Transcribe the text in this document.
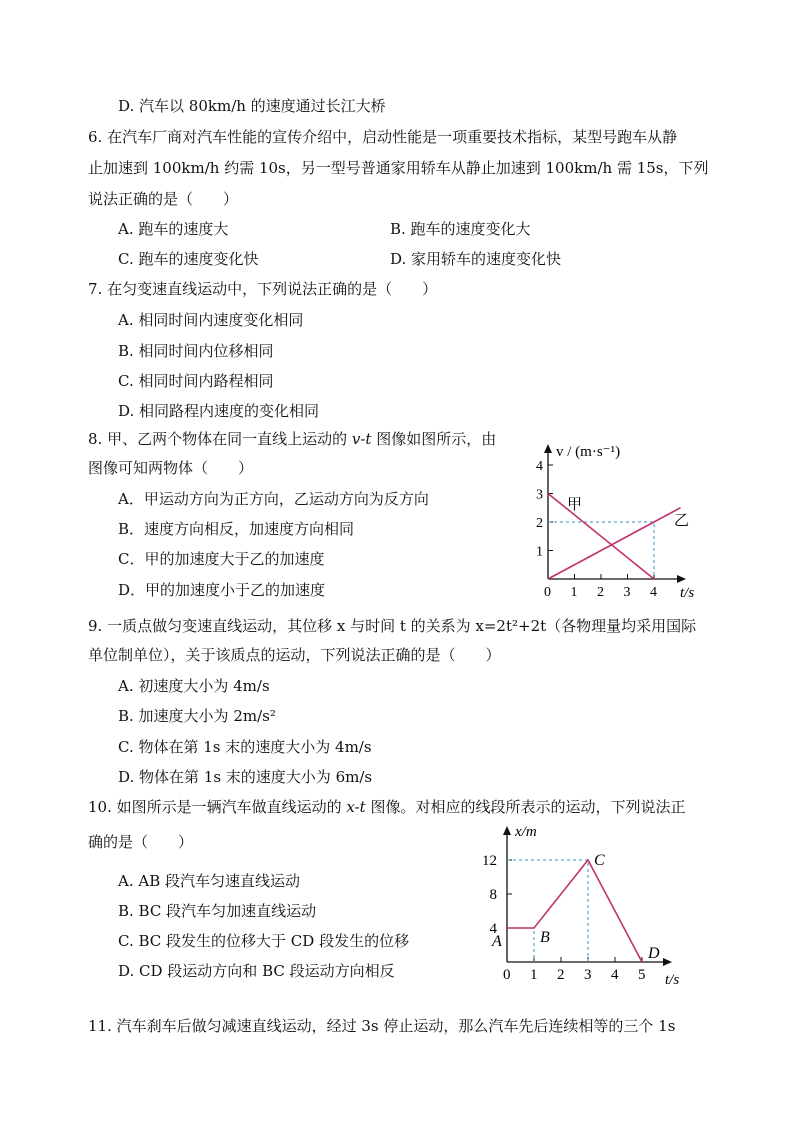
D. 汽车以 80km/h 的速度通过长江大桥
6. 在汽车厂商对汽车性能的宣传介绍中，启动性能是一项重要技术指标，某型号跑车从静
止加速到 100km/h 约需 10s，另一型号普通家用轿车从静止加速到 100km/h 需 15s，下列
说法正确的是（　　）
A. 跑车的速度大	B. 跑车的速度变化大
C. 跑车的速度变化快	D. 家用轿车的速度变化快
7. 在匀变速直线运动中，下列说法正确的是（　　）
A. 相同时间内速度变化相同
B. 相同时间内位移相同
C. 相同时间内路程相同
D. 相同路程内速度的变化相同
8. 甲、乙两个物体在同一直线上运动的 v-t 图像如图所示，由
图像可知两物体（　　）
A．甲运动方向为正方向，乙运动方向为反方向
B．速度方向相反，加速度方向相同
C．甲的加速度大于乙的加速度
D．甲的加速度小于乙的加速度
1
2
3
4
0 1 2 3 4
v / (m·s⁻¹)
t/s
甲
乙
9. 一质点做匀变速直线运动，其位移 x 与时间 t 的关系为 x=2t²+2t（各物理量均采用国际
单位制单位），关于该质点的运动，下列说法正确的是（　　）
A. 初速度大小为 4m/s
B. 加速度大小为 2m/s²
C. 物体在第 1s 末的速度大小为 4m/s
D. 物体在第 1s 末的速度大小为 6m/s
10. 如图所示是一辆汽车做直线运动的 x-t 图像。对相应的线段所表示的运动，下列说法正
确的是（　　）
A. AB 段汽车匀速直线运动
B. BC 段汽车匀加速直线运动
C. BC 段发生的位移大于 CD 段发生的位移
D. CD 段运动方向和 BC 段运动方向相反
4
8
12
0 1 2 3 4 5
x/m
t/s
A B
C
D
11. 汽车刹车后做匀减速直线运动，经过 3s 停止运动，那么汽车先后连续相等的三个 1s
